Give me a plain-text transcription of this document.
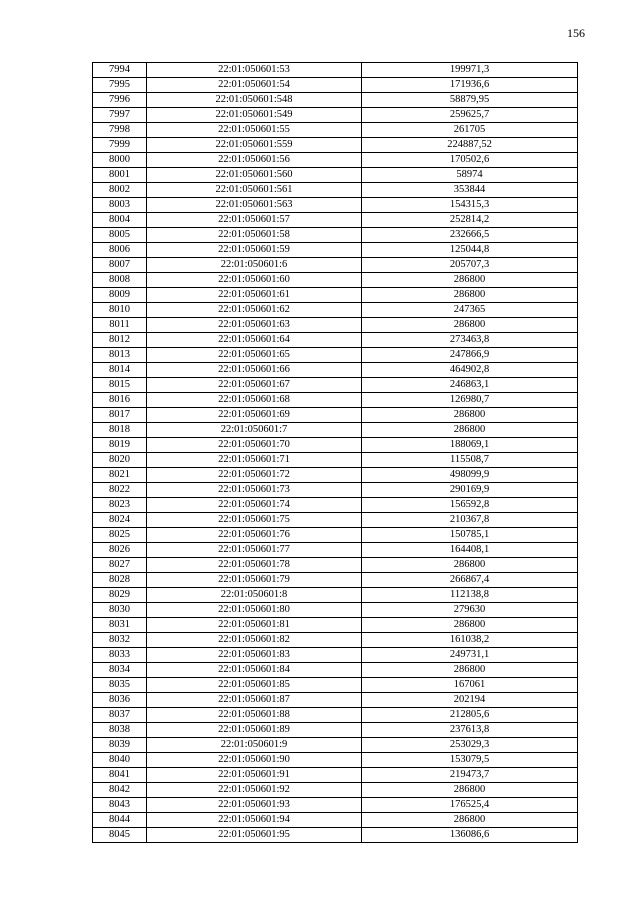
156
7994	22:01:050601:53	199971,3
7995	22:01:050601:54	171936,6
7996	22:01:050601:548	58879,95
7997	22:01:050601:549	259625,7
7998	22:01:050601:55	261705
7999	22:01:050601:559	224887,52
8000	22:01:050601:56	170502,6
8001	22:01:050601:560	58974
8002	22:01:050601:561	353844
8003	22:01:050601:563	154315,3
8004	22:01:050601:57	252814,2
8005	22:01:050601:58	232666,5
8006	22:01:050601:59	125044,8
8007	22:01:050601:6	205707,3
8008	22:01:050601:60	286800
8009	22:01:050601:61	286800
8010	22:01:050601:62	247365
8011	22:01:050601:63	286800
8012	22:01:050601:64	273463,8
8013	22:01:050601:65	247866,9
8014	22:01:050601:66	464902,8
8015	22:01:050601:67	246863,1
8016	22:01:050601:68	126980,7
8017	22:01:050601:69	286800
8018	22:01:050601:7	286800
8019	22:01:050601:70	188069,1
8020	22:01:050601:71	115508,7
8021	22:01:050601:72	498099,9
8022	22:01:050601:73	290169,9
8023	22:01:050601:74	156592,8
8024	22:01:050601:75	210367,8
8025	22:01:050601:76	150785,1
8026	22:01:050601:77	164408,1
8027	22:01:050601:78	286800
8028	22:01:050601:79	266867,4
8029	22:01:050601:8	112138,8
8030	22:01:050601:80	279630
8031	22:01:050601:81	286800
8032	22:01:050601:82	161038,2
8033	22:01:050601:83	249731,1
8034	22:01:050601:84	286800
8035	22:01:050601:85	167061
8036	22:01:050601:87	202194
8037	22:01:050601:88	212805,6
8038	22:01:050601:89	237613,8
8039	22:01:050601:9	253029,3
8040	22:01:050601:90	153079,5
8041	22:01:050601:91	219473,7
8042	22:01:050601:92	286800
8043	22:01:050601:93	176525,4
8044	22:01:050601:94	286800
8045	22:01:050601:95	136086,6
